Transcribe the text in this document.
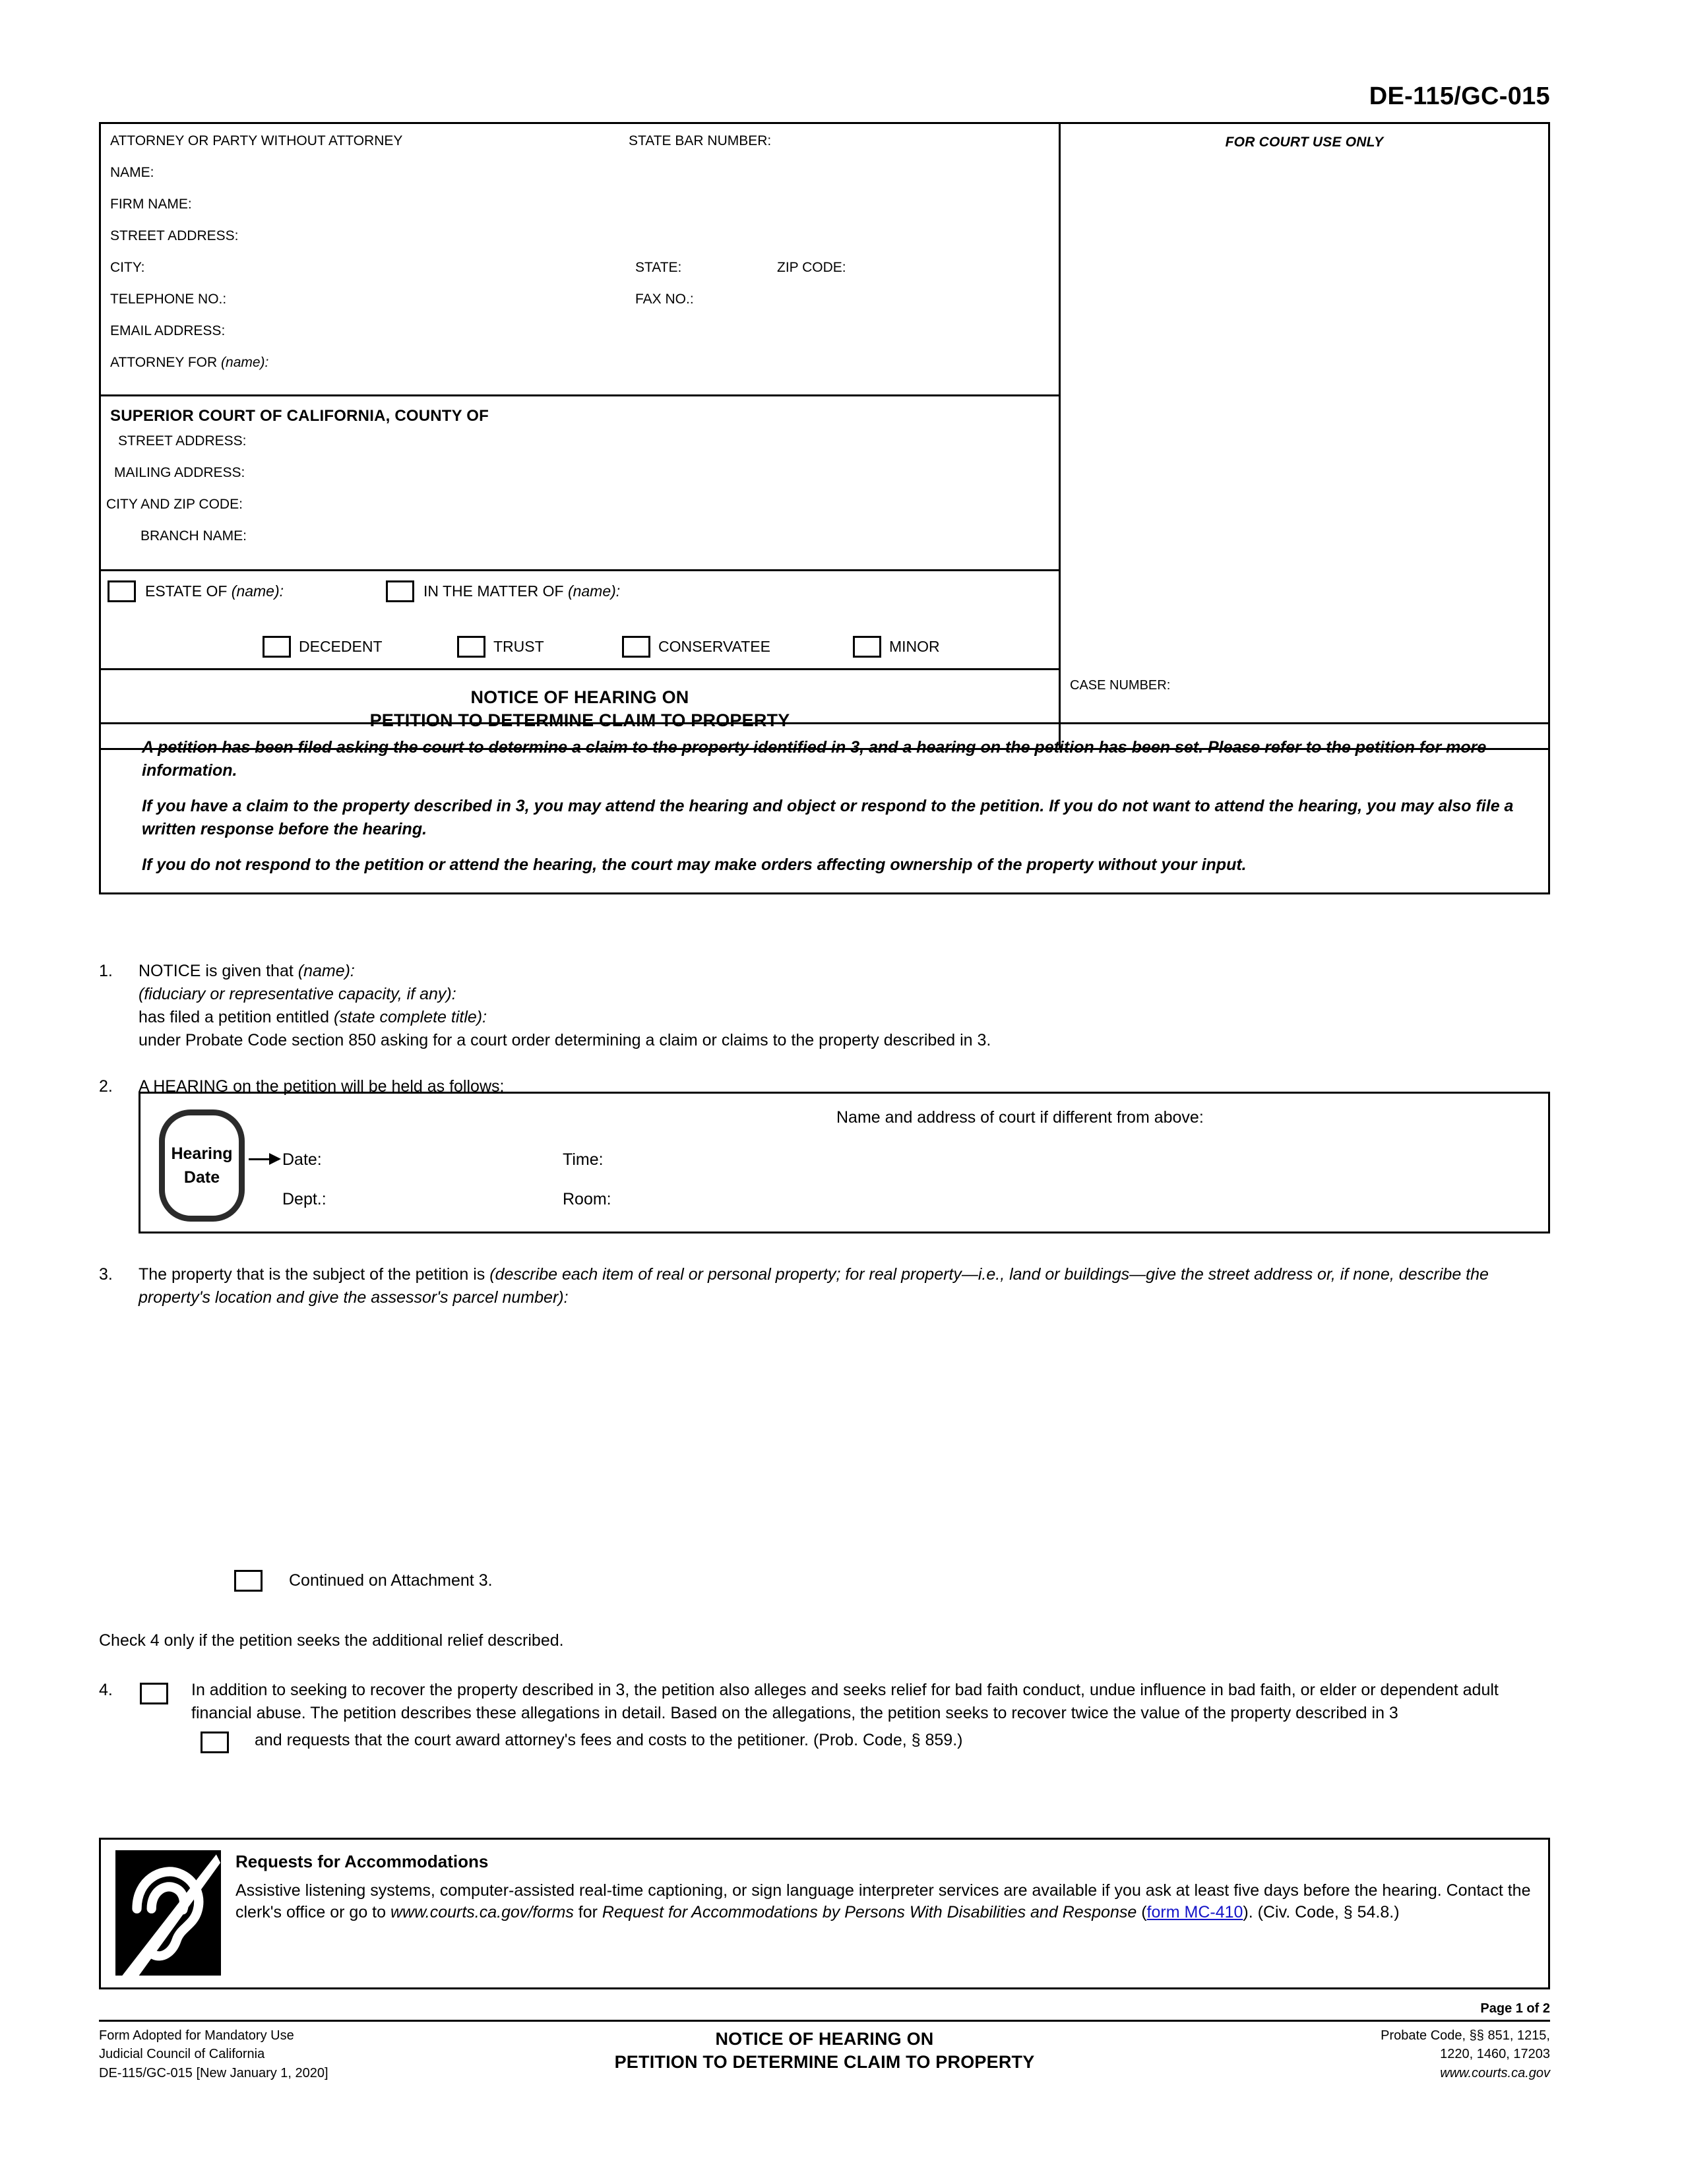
DE-115/GC-015
ATTORNEY OR PARTY WITHOUT ATTORNEY	STATE BAR NUMBER:
NAME:
FIRM NAME:
STREET ADDRESS:
CITY:	STATE:	ZIP CODE:
TELEPHONE NO.:	FAX NO.:
EMAIL ADDRESS:
ATTORNEY FOR (name):
SUPERIOR COURT OF CALIFORNIA, COUNTY OF
STREET ADDRESS:
MAILING ADDRESS:
CITY AND ZIP CODE:
BRANCH NAME:
ESTATE OF (name):	IN THE MATTER OF (name):
DECEDENT	TRUST	CONSERVATEE	MINOR
FOR COURT USE ONLY
NOTICE OF HEARING ON
PETITION TO DETERMINE CLAIM TO PROPERTY
CASE NUMBER:

A petition has been filed asking the court to determine a claim to the property identified in 3, and a hearing on the petition has been set. Please refer to the petition for more information.

If you have a claim to the property described in 3, you may attend the hearing and object or respond to the petition. If you do not want to attend the hearing, you may also file a written response before the hearing.

If you do not respond to the petition or attend the hearing, the court may make orders affecting ownership of the property without your input.

1.	NOTICE is given that (name):
(fiduciary or representative capacity, if any):
has filed a petition entitled (state complete title):
under Probate Code section 850 asking for a court order determining a claim or claims to the property described in 3.
2.	A HEARING on the petition will be held as follows:
Hearing
Date
Date:	Time:
Dept.:	Room:
Name and address of court if different from above:
3.	The property that is the subject of the petition is (describe each item of real or personal property; for real property—i.e., land or buildings—give the street address or, if none, describe the property's location and give the assessor's parcel number):
Continued on Attachment 3.
Check 4 only if the petition seeks the additional relief described.
4.	In addition to seeking to recover the property described in 3, the petition also alleges and seeks relief for bad faith conduct, undue influence in bad faith, or elder or dependent adult financial abuse. The petition describes these allegations in detail. Based on the allegations, the petition seeks to recover twice the value of the property described in 3
and requests that the court award attorney's fees and costs to the petitioner. (Prob. Code, § 859.)
Requests for Accommodations

Assistive listening systems, computer-assisted real-time captioning, or sign language interpreter services are available if you ask at least five days before the hearing. Contact the clerk's office or go to www.courts.ca.gov/forms for Request for Accommodations by Persons With Disabilities and Response (form MC-410). (Civ. Code, § 54.8.)

Page 1 of 2
Form Adopted for Mandatory Use
Judicial Council of California
DE-115/GC-015 [New January 1, 2020]
NOTICE OF HEARING ON
PETITION TO DETERMINE CLAIM TO PROPERTY
Probate Code, §§ 851, 1215,
1220, 1460, 17203
www.courts.ca.gov
